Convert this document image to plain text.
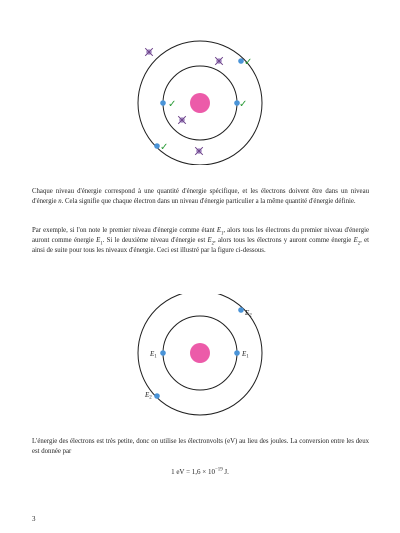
✓	✓
✓
✓

Chaque niveau d'énergie correspond à une quantité d'énergie spécifique, et les électrons doivent être dans un niveau d'énergie n. Cela signifie que chaque électron dans un niveau d'énergie particulier a la même quantité d'énergie définie.

Par exemple, si l'on note le premier niveau d'énergie comme étant $E_1$, alors tous les électrons du premier niveau d'énergie auront comme énergie $E_1$. Si le deuxième niveau d'énergie est $E_2$, alors tous les électrons y auront comme énergie $E_2$, et ainsi de suite pour tous les niveaux d'énergie. Ceci est illustré par la figure ci-dessous.

$E_1$	$E_1$
$E_2$
$E_2$

L'énergie des électrons est très petite, donc on utilise les électronvolts (eV) au lieu des joules. La conversion entre les deux est donnée par

1 eV = $1,6 \times 10^{-19}$ J.

3
